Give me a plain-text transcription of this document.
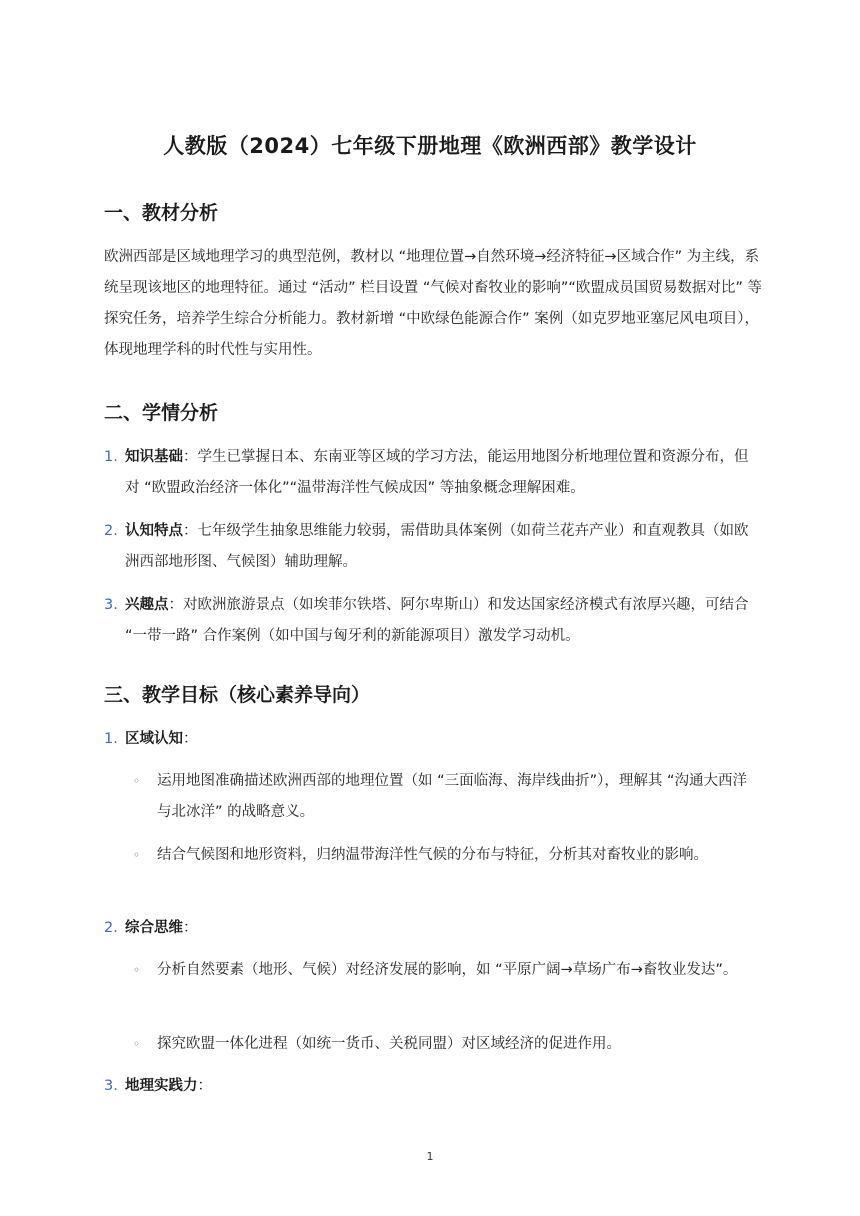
人教版（2024）七年级下册地理《欧洲西部》教学设计
一、教材分析
欧洲西部是区域地理学习的典型范例，教材以 “地理位置→自然环境→经济特征→区域合作” 为主线，系统呈现该地区的地理特征。通过 “活动” 栏目设置 “气候对畜牧业的影响”“欧盟成员国贸易数据对比” 等探究任务，培养学生综合分析能力。教材新增 “中欧绿色能源合作” 案例（如克罗地亚塞尼风电项目），体现地理学科的时代性与实用性。
二、学情分析
1. 知识基础：学生已掌握日本、东南亚等区域的学习方法，能运用地图分析地理位置和资源分布，但对 “欧盟政治经济一体化”“温带海洋性气候成因” 等抽象概念理解困难。
2. 认知特点：七年级学生抽象思维能力较弱，需借助具体案例（如荷兰花卉产业）和直观教具（如欧洲西部地形图、气候图）辅助理解。
3. 兴趣点：对欧洲旅游景点（如埃菲尔铁塔、阿尔卑斯山）和发达国家经济模式有浓厚兴趣，可结合 “一带一路” 合作案例（如中国与匈牙利的新能源项目）激发学习动机。
三、教学目标（核心素养导向）
1. 区域认知：
◦ 运用地图准确描述欧洲西部的地理位置（如 “三面临海、海岸线曲折”），理解其 “沟通大西洋与北冰洋” 的战略意义。
◦ 结合气候图和地形资料，归纳温带海洋性气候的分布与特征，分析其对畜牧业的影响。
2. 综合思维：
◦ 分析自然要素（地形、气候）对经济发展的影响，如 “平原广阔→草场广布→畜牧业发达”。
◦ 探究欧盟一体化进程（如统一货币、关税同盟）对区域经济的促进作用。
3. 地理实践力：
1
